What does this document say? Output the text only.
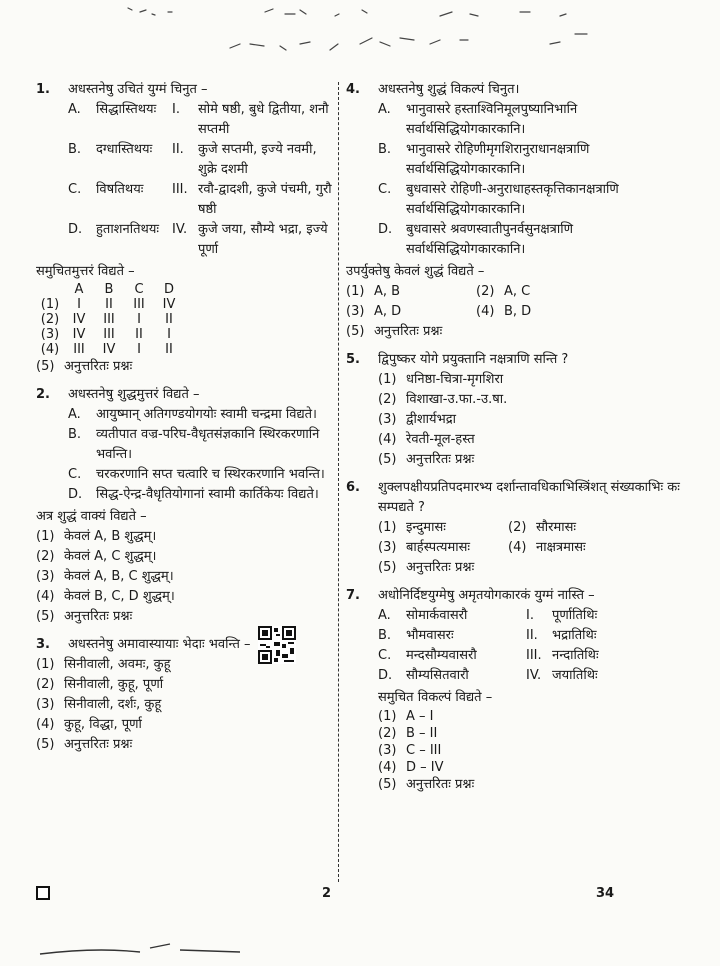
1.	अधस्तनेषु उचितं युग्मं चिनुत –
A.	सिद्धास्तिथयः	I.	सोमे षष्ठी, बुधे द्वितीया, शनौ सप्तमी
B.	दग्धास्तिथयः	II.	कुजे सप्तमी, इज्ये नवमी, शुक्रे दशमी
C.	विषतिथयः	III. रवौ-द्वादशी, कुजे पंचमी, गुरौ षष्ठी
D.	हुताशनतिथयः	IV. कुजे जया, सौम्ये भद्रा, इज्ये पूर्णा
समुचितमुत्तरं विद्यते –
A	B	C	D
(1)	I	II	III	IV
(2)	IV	III	I	II
(3)	IV	III	II	I
(4)	III	IV	I	II
(5) अनुत्तरितः प्रश्नः
2.	अधस्तनेषु शुद्धमुत्तरं विद्यते –
A.	आयुष्मान् अतिगण्डयोगयोः स्वामी चन्द्रमा विद्यते।
B.	व्यतीपात वज्र-परिघ-वैधृतसंज्ञकानि स्थिरकरणानि भवन्ति।
C.	चरकरणानि सप्त चत्वारि च स्थिरकरणानि भवन्ति।
D.	सिद्ध-ऐन्द्र-वैधृतियोगानां स्वामी कार्तिकेयः विद्यते।
अत्र शुद्धं वाक्यं विद्यते –
(1) केवलं A, B शुद्धम्।
(2) केवलं A, C शुद्धम्।
(3) केवलं A, B, C शुद्धम्।
(4) केवलं B, C, D शुद्धम्।
(5) अनुत्तरितः प्रश्नः
3.	अधस्तनेषु अमावास्यायाः भेदाः भवन्ति –
(1) सिनीवाली, अवमः, कुहू
(2) सिनीवाली, कुहू, पूर्णा
(3) सिनीवाली, दर्शः, कुहू
(4) कुहू, विद्धा, पूर्णा
(5) अनुत्तरितः प्रश्नः
4.	अधस्तनेषु शुद्धं विकल्पं चिनुत।
A.	भानुवासरे हस्ताश्विनिमूलपुष्यानिभानि सर्वार्थसिद्धियोगकारकानि।
B.	भानुवासरे रोहिणीमृगशिरानुराधानक्षत्राणि सर्वार्थसिद्धियोगकारकानि।
C.	बुधवासरे रोहिणी-अनुराधाहस्तकृत्तिकानक्षत्राणि सर्वार्थसिद्धियोगकारकानि।
D.	बुधवासरे श्रवणस्वातीपुनर्वसुनक्षत्राणि सर्वार्थसिद्धियोगकारकानि।
उपर्युक्तेषु केवलं शुद्धं विद्यते –
(1) A, B	(2) A, C
(3) A, D	(4) B, D
(5) अनुत्तरितः प्रश्नः
5.	द्विपुष्कर योगे प्रयुक्तानि नक्षत्राणि सन्ति ?
(1) धनिष्ठा-चित्रा-मृगशिरा
(2) विशाखा-उ.फा.-उ.षा.
(3) द्वीशार्यभद्रा
(4) रेवती-मूल-हस्त
(5) अनुत्तरितः प्रश्नः
6.	शुक्लपक्षीयप्रतिपदमारभ्य दर्शान्तावधिकाभिस्त्रिंशत् संख्यकाभिः कः सम्पद्यते ?
(1) इन्दुमासः	(2) सौरमासः
(3) बार्हस्पत्यमासः	(4) नाक्षत्रमासः
(5) अनुत्तरितः प्रश्नः
7.	अधोनिर्दिष्टयुग्मेषु अमृतयोगकारकं युग्मं नास्ति –
A.	सोमार्कवासरौ	I.	पूर्णातिथिः
B.	भौमवासरः	II.	भद्रातिथिः
C.	मन्दसौम्यवासरौ	III. नन्दातिथिः
D.	सौम्यसितवारौ	IV. जयातिथिः
समुचित विकल्पं विद्यते –
(1) A – I
(2) B – II
(3) C – III
(4) D – IV
(5) अनुत्तरितः प्रश्नः
2	34
